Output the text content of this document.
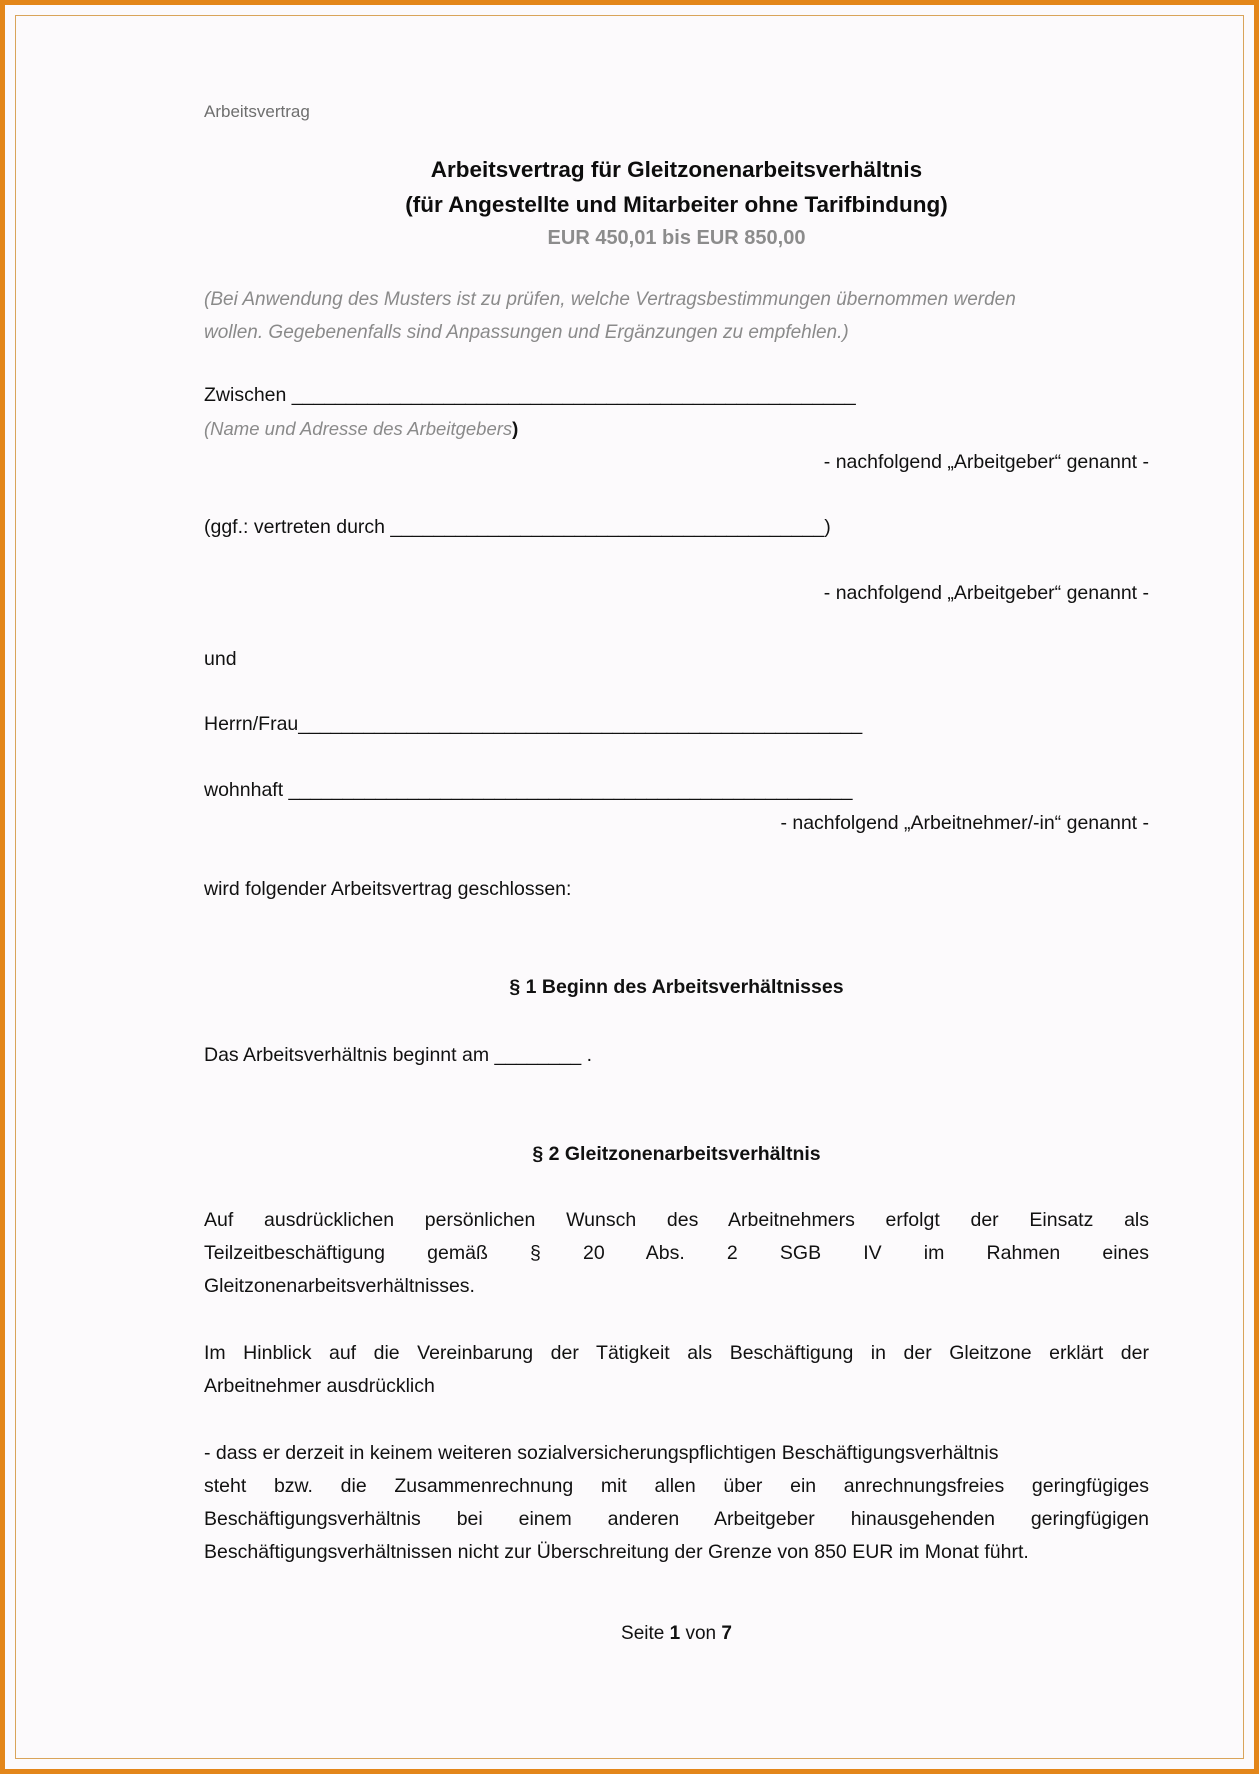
Arbeitsvertrag
Arbeitsvertrag für Gleitzonenarbeitsverhältnis
(für Angestellte und Mitarbeiter ohne Tarifbindung)
EUR 450,01 bis EUR 850,00
(Bei Anwendung des Musters ist zu prüfen, welche Vertragsbestimmungen übernommen werden
wollen. Gegebenenfalls sind Anpassungen und Ergänzungen zu empfehlen.)
Zwischen ____________________________________________________
(Name und Adresse des Arbeitgebers)
- nachfolgend „Arbeitgeber“ genannt -
(ggf.: vertreten durch ________________________________________)
- nachfolgend „Arbeitgeber“ genannt -
und
Herrn/Frau____________________________________________________
wohnhaft ____________________________________________________
- nachfolgend „Arbeitnehmer/-in“ genannt -
wird folgender Arbeitsvertrag geschlossen:
§ 1 Beginn des Arbeitsverhältnisses
Das Arbeitsverhältnis beginnt am ________ .
§ 2 Gleitzonenarbeitsverhältnis
Auf ausdrücklichen persönlichen Wunsch des Arbeitnehmers erfolgt der Einsatz als
Teilzeitbeschäftigung gemäß § 20 Abs. 2 SGB IV im Rahmen eines
Gleitzonenarbeitsverhältnisses.
Im Hinblick auf die Vereinbarung der Tätigkeit als Beschäftigung in der Gleitzone erklärt der
Arbeitnehmer ausdrücklich
- dass er derzeit in keinem weiteren sozialversicherungspflichtigen Beschäftigungsverhältnis
steht bzw. die Zusammenrechnung mit allen über ein anrechnungsfreies geringfügiges
Beschäftigungsverhältnis bei einem anderen Arbeitgeber hinausgehenden geringfügigen
Beschäftigungsverhältnissen nicht zur Überschreitung der Grenze von 850 EUR im Monat führt.
Seite 1 von 7
